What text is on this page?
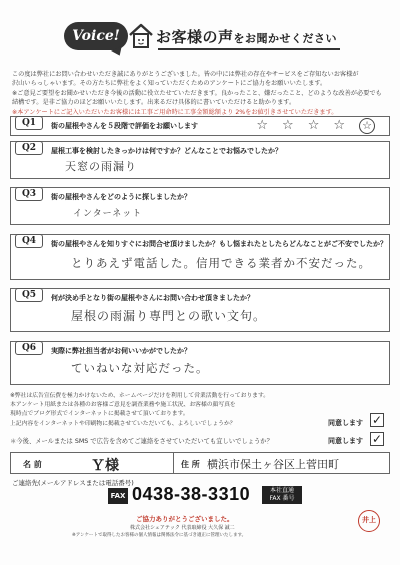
Voice!	お客様の声をお聞かせください
この度は弊社にお問い合わせいただき誠にありがとうございました。皆の中には弊社の存在やサービスをご存知ないお客様が
沢山いらっしゃいます。その方たちに弊社をよく知っていただくためのアンケートにご協力をお願いいたします。
※ご意見ご要望をお聞かせいただき今後の活動に役立たせていただきます。良かったこと、嫌だったこと、どのような改善が必要でも
結構です。是非ご協力のほどお願いいたします。出来るだけ具体的に書いていただけると助かります。
※本アンケートにご記入いただいたお客様には工事ご用命時に工事金額総額より 2%をお値引きさせていただきます。
Q1	街の屋根やさんを５段階で評価をお願いします	☆ ☆ ☆ ☆ ☆
Q2	屋根工事を検討したきっかけは何ですか？どんなことでお悩みでしたか？
天窓の雨漏り
Q3	街の屋根やさんをどのように探しましたか？
インターネット
Q4	街の屋根やさんを知りすぐにお問合せ頂けましたか？もし悩まれたとしたらどんなことがご不安でしたか？
とりあえず電話した。信用できる業者か不安だった。
Q5	何が決め手となり街の屋根やさんにお問い合わせ頂きましたか？
屋根の雨漏り専門との歌い文句。
Q6	実際に弊社担当者がお伺いいかがでしたか？
ていねいな対応だった。
※弊社は広告宣伝費を極力かけないため、ホームページだけを利用して営業活動を行っております。
本アンケート用紙または各種のお客様ご意見を調査業務や施工状況、お客様の顔写真を
現時点でブログ形式でインターネットに掲載させて頂いております。
上記内容をインターネットや印刷物に掲載させていただいても、よろしいでしょうか？	同意します ✓
＊今後、メールまたは SMS で広告を含めてご連絡をさせていただいても宜しいでしょうか？	同意します ✓
名 前	Ｙ様	住 所 横浜市保土ヶ谷区上菅田町
ご連絡先(メールアドレスまたは電話番号)
FAX 0438-38-3310	本社直通
FAX 番号
ご協力ありがとうございました。
株式会社シェアテック 代表取締役 大久保 誠二
※アンケートで取得したお客様の個人情報は関係法令に基づき適正に管理いたします。
井上
